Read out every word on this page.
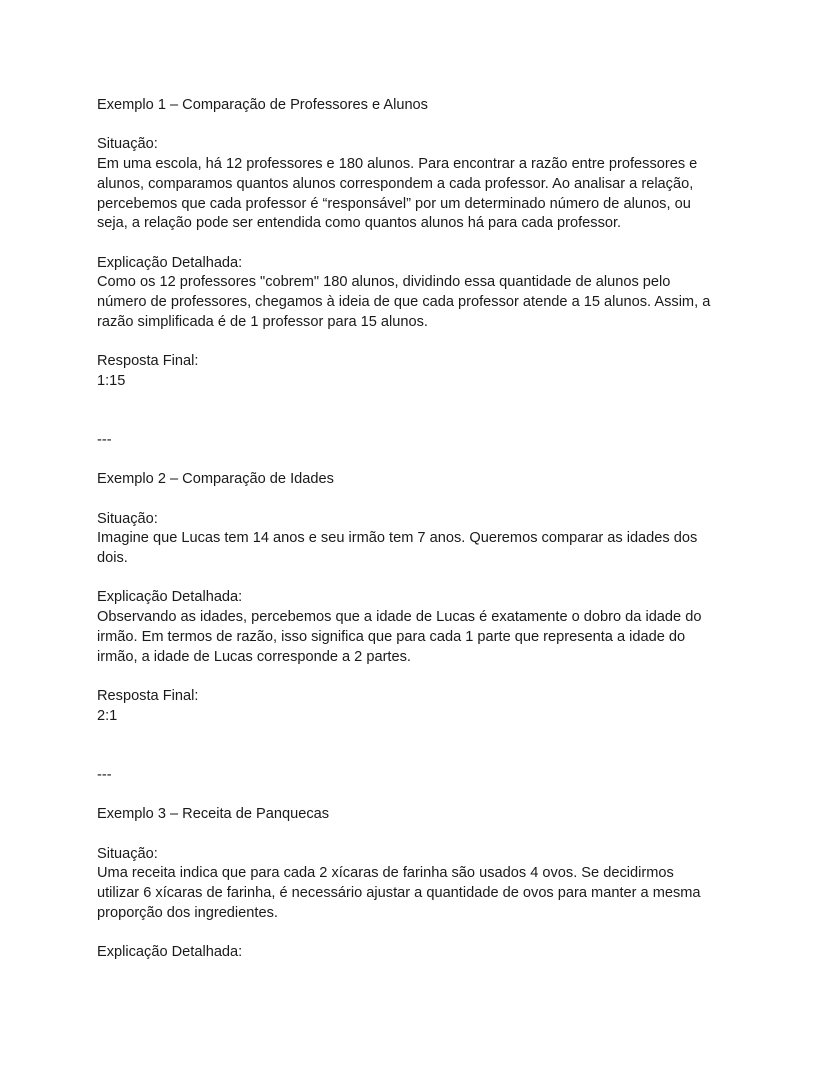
Exemplo 1 – Comparação de Professores e Alunos
Situação:
Em uma escola, há 12 professores e 180 alunos. Para encontrar a razão entre professores e
alunos, comparamos quantos alunos correspondem a cada professor. Ao analisar a relação,
percebemos que cada professor é “responsável” por um determinado número de alunos, ou
seja, a relação pode ser entendida como quantos alunos há para cada professor.
Explicação Detalhada:
Como os 12 professores "cobrem" 180 alunos, dividindo essa quantidade de alunos pelo
número de professores, chegamos à ideia de que cada professor atende a 15 alunos. Assim, a
razão simplificada é de 1 professor para 15 alunos.
Resposta Final:
1:15
---
Exemplo 2 – Comparação de Idades
Situação:
Imagine que Lucas tem 14 anos e seu irmão tem 7 anos. Queremos comparar as idades dos
dois.
Explicação Detalhada:
Observando as idades, percebemos que a idade de Lucas é exatamente o dobro da idade do
irmão. Em termos de razão, isso significa que para cada 1 parte que representa a idade do
irmão, a idade de Lucas corresponde a 2 partes.
Resposta Final:
2:1
---
Exemplo 3 – Receita de Panquecas
Situação:
Uma receita indica que para cada 2 xícaras de farinha são usados 4 ovos. Se decidirmos
utilizar 6 xícaras de farinha, é necessário ajustar a quantidade de ovos para manter a mesma
proporção dos ingredientes.
Explicação Detalhada:
